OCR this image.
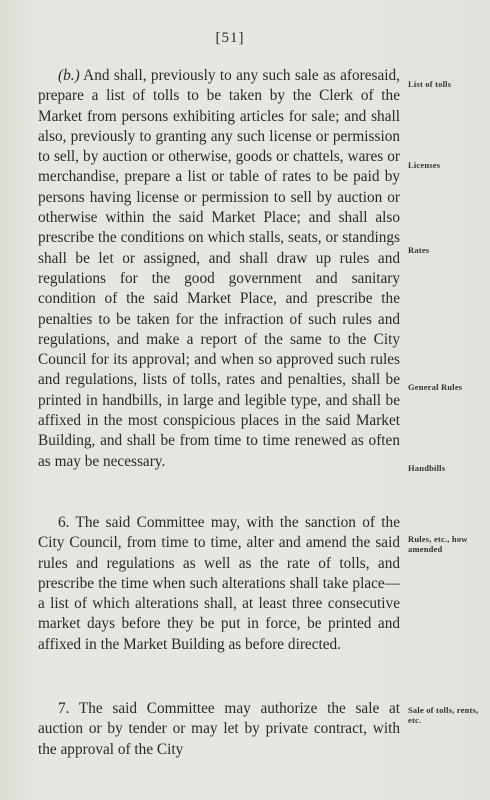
[51]

(b.) And shall, previously to any such sale as aforesaid, prepare a list of tolls to be taken by the Clerk of the Market from persons exhibiting articles for sale; and shall also, previously to granting any such license or permission to sell, by auction or otherwise, goods or chattels, wares or merchandise, prepare a list or table of rates to be paid by persons having license or permission to sell by auction or otherwise within the said Market Place; and shall also prescribe the conditions on which stalls, seats, or standings shall be let or assigned, and shall draw up rules and regulations for the good government and sanitary condition of the said Market Place, and prescribe the penalties to be taken for the infraction of such rules and regulations, and make a report of the same to the City Council for its approval; and when so approved such rules and regulations, lists of tolls, rates and penalties, shall be printed in handbills, in large and legible type, and shall be affixed in the most conspicious places in the said Market Building, and shall be from time to time renewed as often as may be necessary.

6. The said Committee may, with the sanction of the City Council, from time to time, alter and amend the said rules and regulations as well as the rate of tolls, and prescribe the time when such alterations shall take place—a list of which alterations shall, at least three consecutive market days before they be put in force, be printed and affixed in the Market Building as before directed.

7. The said Committee may authorize the sale at auction or by tender or may let by private contract, with the approval of the City

List of tolls
Licenses
Rates
General Rules
Handbills
Rules, etc., how amended
Sale of tolls, rents, etc.
